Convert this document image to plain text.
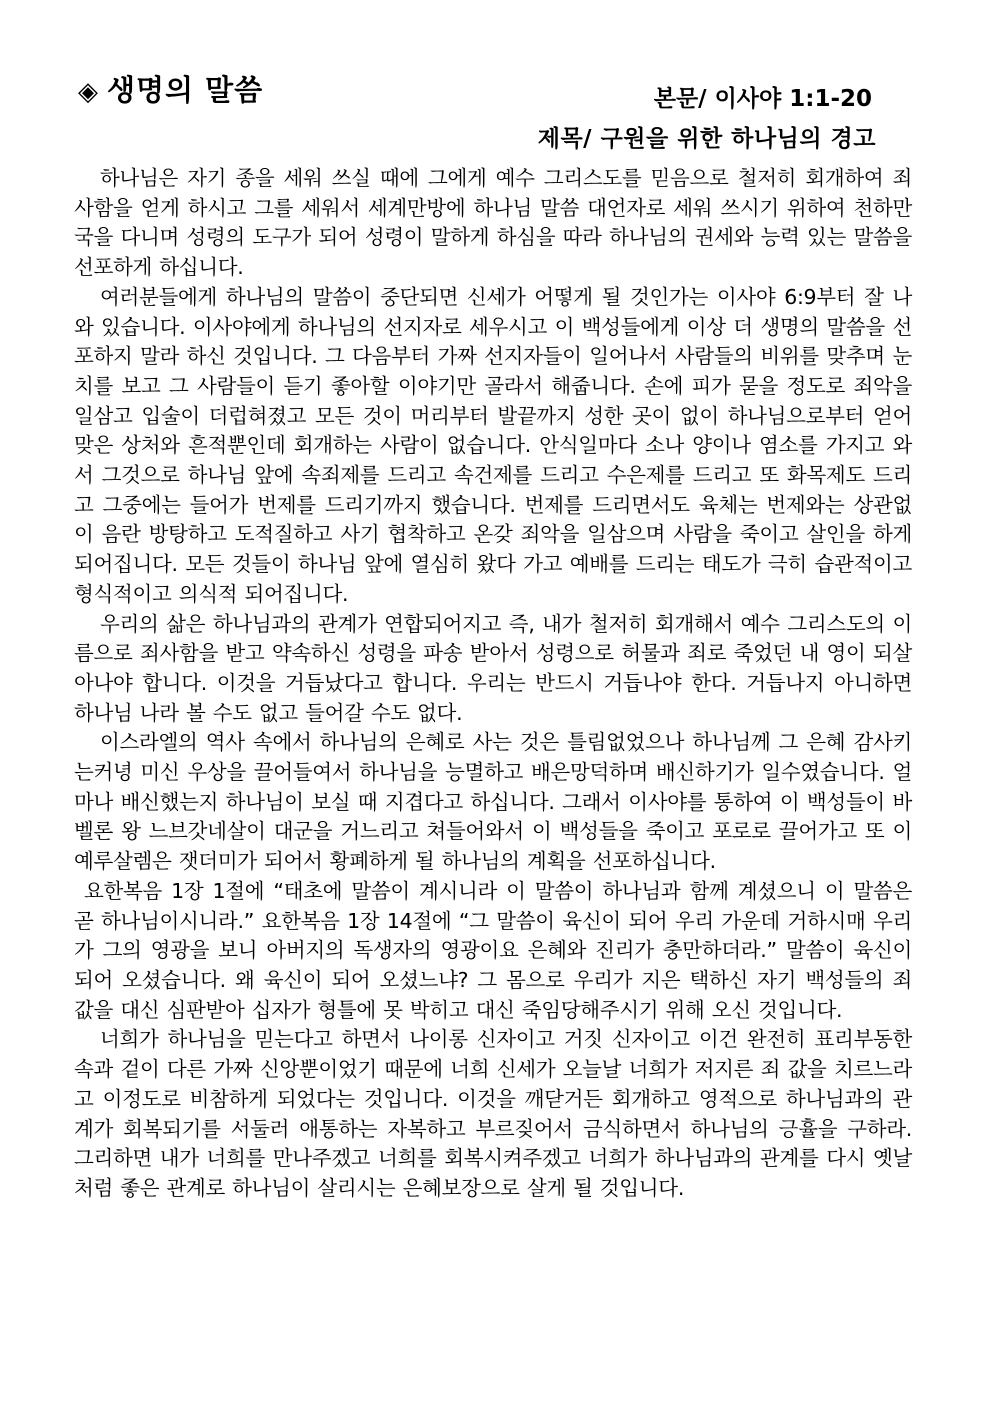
◈ 생명의 말씀	본문/ 이사야 1:1-20
제목/ 구원을 위한 하나님의 경고

하나님은 자기 종을 세워 쓰실 때에 그에게 예수 그리스도를 믿음으로 철저히 회개하여 죄 사함을 얻게 하시고 그를 세워서 세계만방에 하나님 말씀 대언자로 세워 쓰시기 위하여 천하만국을 다니며 성령의 도구가 되어 성령이 말하게 하심을 따라 하나님의 권세와 능력 있는 말씀을 선포하게 하십니다.

여러분들에게 하나님의 말씀이 중단되면 신세가 어떻게 될 것인가는 이사야 6:9부터 잘 나와 있습니다. 이사야에게 하나님의 선지자로 세우시고 이 백성들에게 이상 더 생명의 말씀을 선포하지 말라 하신 것입니다. 그 다음부터 가짜 선지자들이 일어나서 사람들의 비위를 맞추며 눈치를 보고 그 사람들이 듣기 좋아할 이야기만 골라서 해줍니다. 손에 피가 묻을 정도로 죄악을 일삼고 입술이 더럽혀졌고 모든 것이 머리부터 발끝까지 성한 곳이 없이 하나님으로부터 얻어맞은 상처와 흔적뿐인데 회개하는 사람이 없습니다. 안식일마다 소나 양이나 염소를 가지고 와서 그것으로 하나님 앞에 속죄제를 드리고 속건제를 드리고 수은제를 드리고 또 화목제도 드리고 그중에는 들어가 번제를 드리기까지 했습니다. 번제를 드리면서도 육체는 번제와는 상관없이 음란 방탕하고 도적질하고 사기 협착하고 온갖 죄악을 일삼으며 사람을 죽이고 살인을 하게 되어집니다. 모든 것들이 하나님 앞에 열심히 왔다 가고 예배를 드리는 태도가 극히 습관적이고 형식적이고 의식적 되어집니다.

우리의 삶은 하나님과의 관계가 연합되어지고 즉, 내가 철저히 회개해서 예수 그리스도의 이름으로 죄사함을 받고 약속하신 성령을 파송 받아서 성령으로 허물과 죄로 죽었던 내 영이 되살아나야 합니다. 이것을 거듭났다고 합니다. 우리는 반드시 거듭나야 한다. 거듭나지 아니하면 하나님 나라 볼 수도 없고 들어갈 수도 없다.

이스라엘의 역사 속에서 하나님의 은혜로 사는 것은 틀림없었으나 하나님께 그 은혜 감사키는커녕 미신 우상을 끌어들여서 하나님을 능멸하고 배은망덕하며 배신하기가 일수였습니다. 얼마나 배신했는지 하나님이 보실 때 지겹다고 하십니다. 그래서 이사야를 통하여 이 백성들이 바벨론 왕 느브갓네살이 대군을 거느리고 쳐들어와서 이 백성들을 죽이고 포로로 끌어가고 또 이 예루살렘은 잿더미가 되어서 황폐하게 될 하나님의 계획을 선포하십니다.

요한복음 1장 1절에 “태초에 말씀이 계시니라 이 말씀이 하나님과 함께 계셨으니 이 말씀은 곧 하나님이시니라.” 요한복음 1장 14절에 “그 말씀이 육신이 되어 우리 가운데 거하시매 우리가 그의 영광을 보니 아버지의 독생자의 영광이요 은혜와 진리가 충만하더라.” 말씀이 육신이 되어 오셨습니다. 왜 육신이 되어 오셨느냐? 그 몸으로 우리가 지은 택하신 자기 백성들의 죄 값을 대신 심판받아 십자가 형틀에 못 박히고 대신 죽임당해주시기 위해 오신 것입니다.

너희가 하나님을 믿는다고 하면서 나이롱 신자이고 거짓 신자이고 이건 완전히 표리부동한 속과 겉이 다른 가짜 신앙뿐이었기 때문에 너희 신세가 오늘날 너희가 저지른 죄 값을 치르느라고 이정도로 비참하게 되었다는 것입니다. 이것을 깨닫거든 회개하고 영적으로 하나님과의 관계가 회복되기를 서둘러 애통하는 자복하고 부르짖어서 금식하면서 하나님의 긍휼을 구하라. 그리하면 내가 너희를 만나주겠고 너희를 회복시켜주겠고 너희가 하나님과의 관계를 다시 옛날처럼 좋은 관계로 하나님이 살리시는 은혜보장으로 살게 될 것입니다.
